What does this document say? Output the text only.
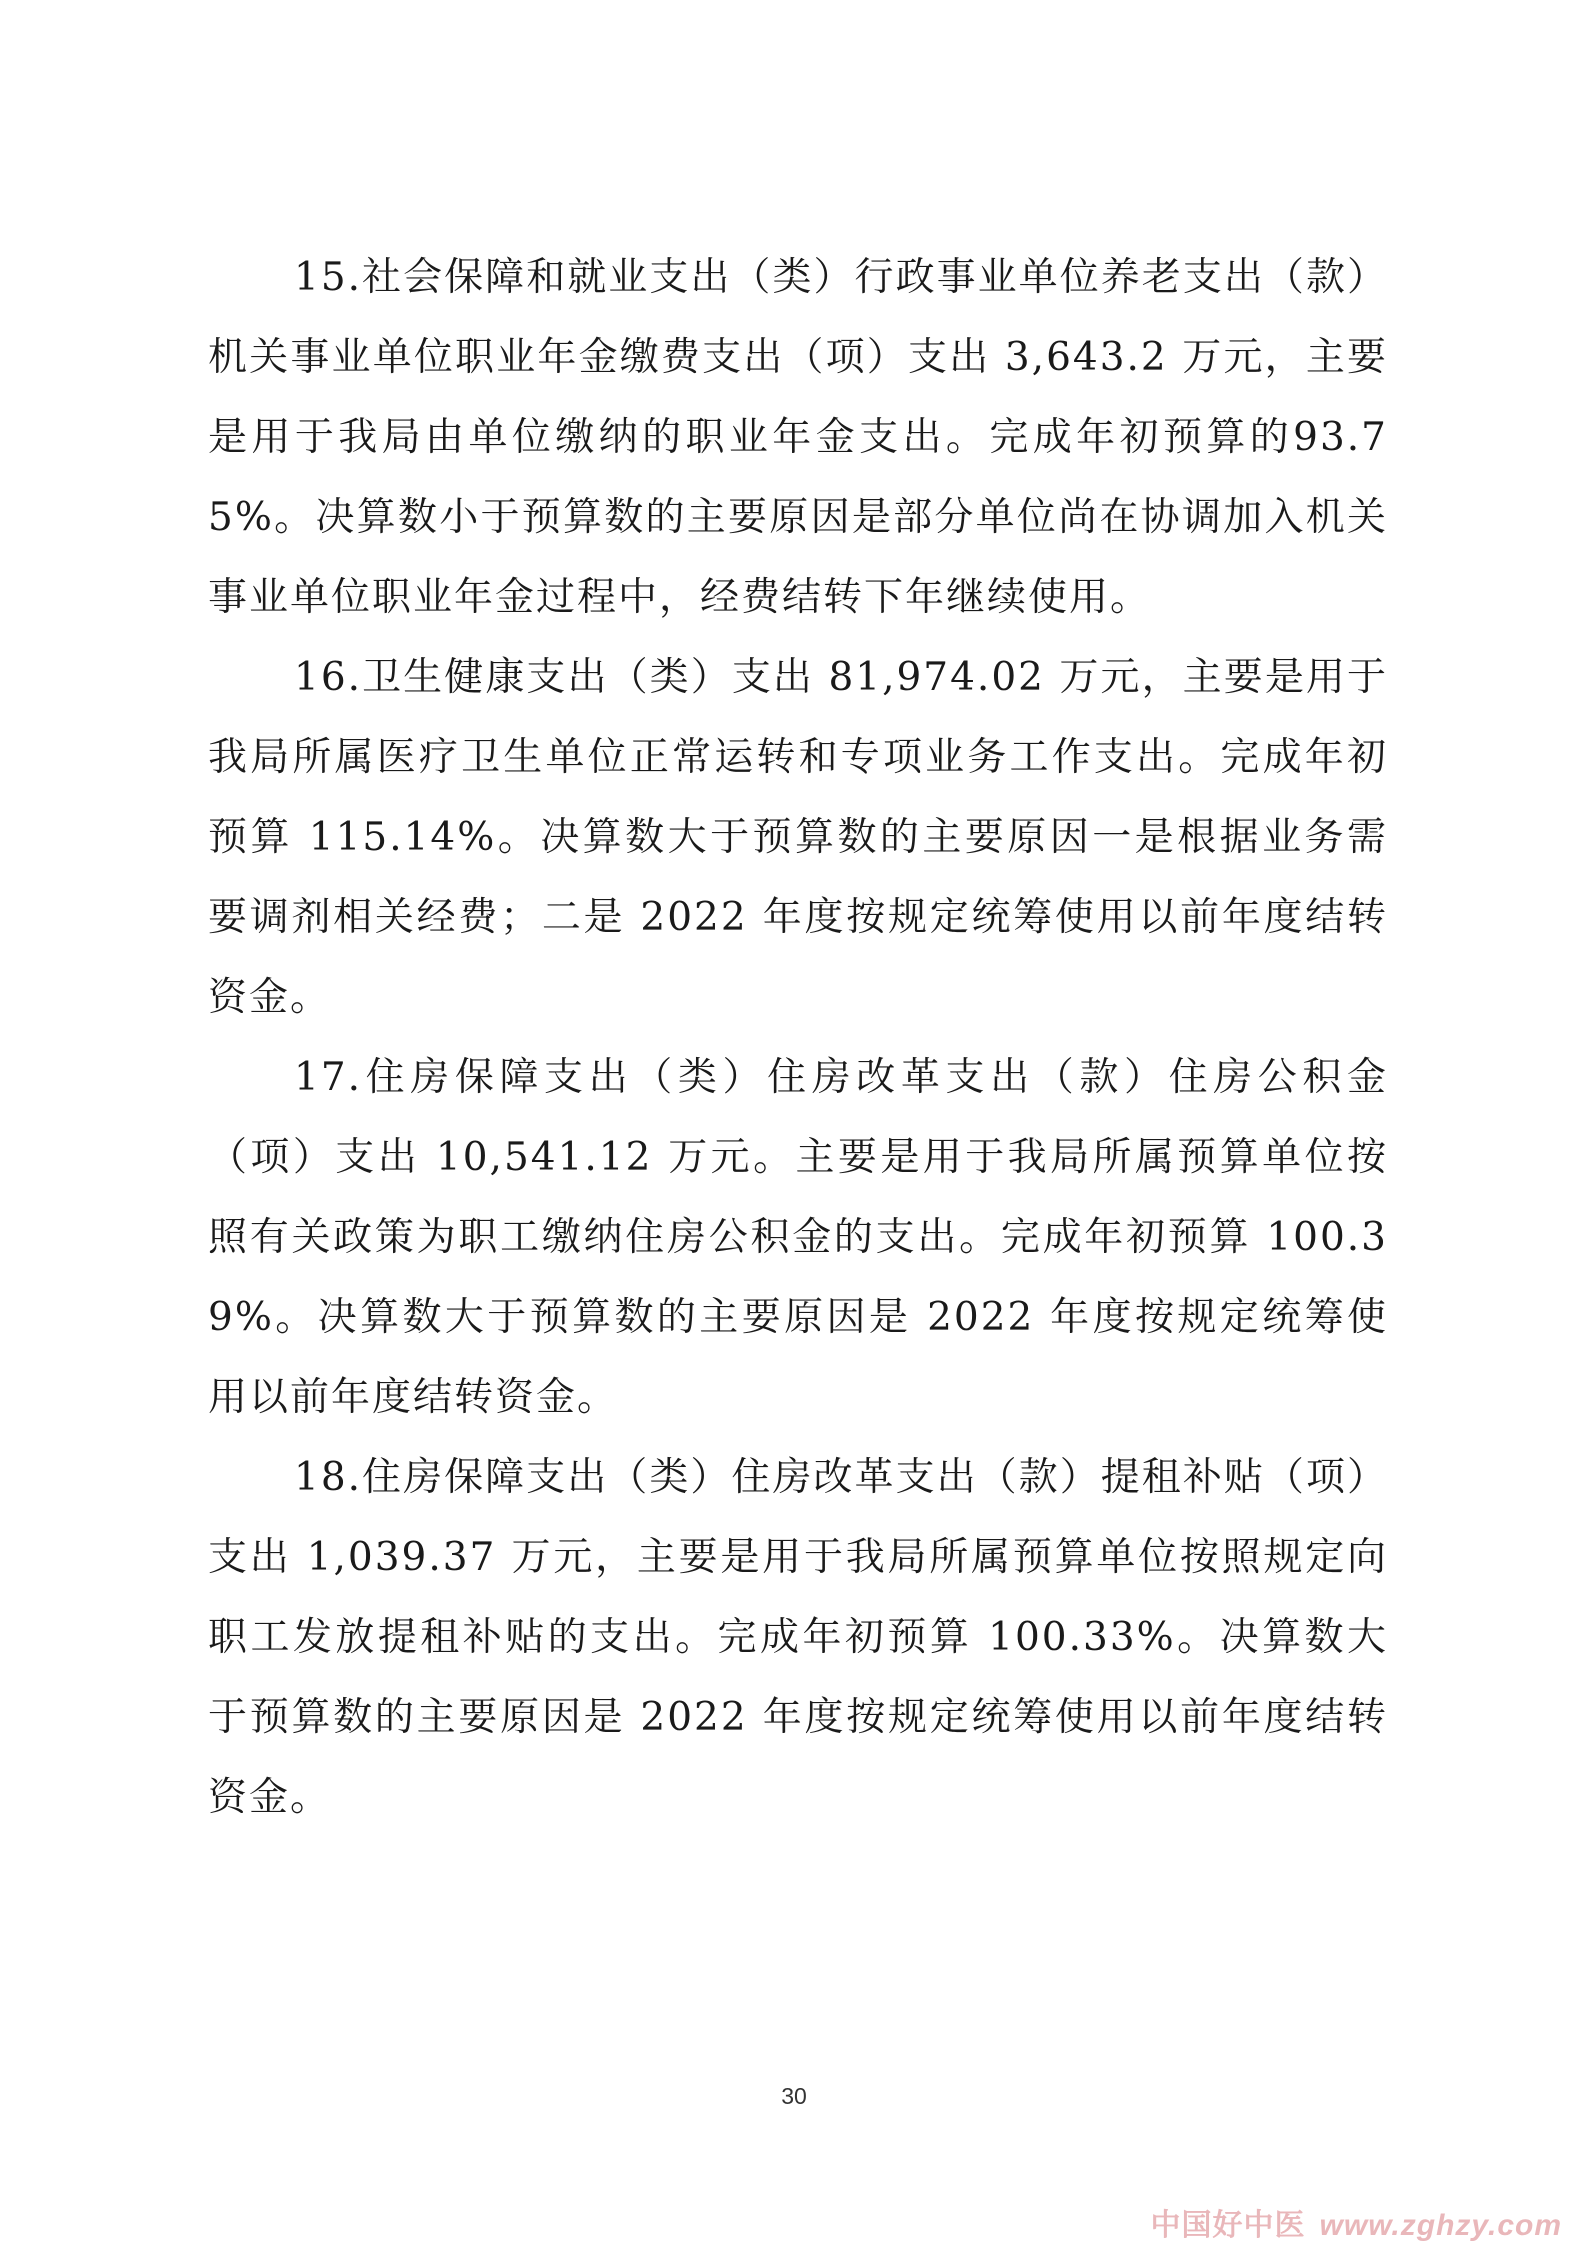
15.社会保障和就业支出（类）行政事业单位养老支出（款）机关事业单位职业年金缴费支出（项）支出 3,643.2 万元，主要是用于我局由单位缴纳的职业年金支出。完成年初预算的93.75%。决算数小于预算数的主要原因是部分单位尚在协调加入机关事业单位职业年金过程中，经费结转下年继续使用。

16.卫生健康支出（类）支出 81,974.02 万元，主要是用于我局所属医疗卫生单位正常运转和专项业务工作支出。完成年初预算 115.14%。决算数大于预算数的主要原因一是根据业务需要调剂相关经费；二是 2022 年度按规定统筹使用以前年度结转资金。

17.住房保障支出（类）住房改革支出（款）住房公积金（项）支出 10,541.12 万元。主要是用于我局所属预算单位按照有关政策为职工缴纳住房公积金的支出。完成年初预算 100.39%。决算数大于预算数的主要原因是 2022 年度按规定统筹使用以前年度结转资金。

18.住房保障支出（类）住房改革支出（款）提租补贴（项）支出 1,039.37 万元，主要是用于我局所属预算单位按照规定向职工发放提租补贴的支出。完成年初预算 100.33%。决算数大于预算数的主要原因是 2022 年度按规定统筹使用以前年度结转资金。

30
中国好中医 www.zghzy.com
